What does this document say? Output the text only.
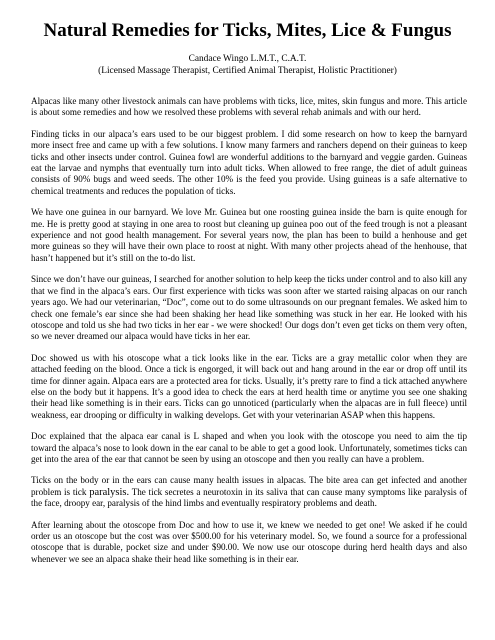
Natural Remedies for Ticks, Mites, Lice & Fungus
Candace Wingo L.M.T., C.A.T.
(Licensed Massage Therapist, Certified Animal Therapist, Holistic Practitioner)

Alpacas like many other livestock animals can have problems with ticks, lice, mites, skin fungus and more. This article is about some remedies and how we resolved these problems with several rehab animals and with our herd.

Finding ticks in our alpaca’s ears used to be our biggest problem. I did some research on how to keep the barnyard more insect free and came up with a few solutions. I know many farmers and ranchers depend on their guineas to keep ticks and other insects under control. Guinea fowl are wonderful additions to the barnyard and veggie garden. Guineas eat the larvae and nymphs that eventually turn into adult ticks. When allowed to free range, the diet of adult guineas consists of 90% bugs and weed seeds. The other 10% is the feed you provide. Using guineas is a safe alternative to chemical treatments and reduces the population of ticks.

We have one guinea in our barnyard. We love Mr. Guinea but one roosting guinea inside the barn is quite enough for me. He is pretty good at staying in one area to roost but cleaning up guinea poo out of the feed trough is not a pleasant experience and not good health management. For several years now, the plan has been to build a henhouse and get more guineas so they will have their own place to roost at night. With many other projects ahead of the henhouse, that hasn’t happened but it’s still on the to-do list.

Since we don’t have our guineas, I searched for another solution to help keep the ticks under control and to also kill any that we find in the alpaca’s ears. Our first experience with ticks was soon after we started raising alpacas on our ranch years ago. We had our veterinarian, “Doc”, come out to do some ultrasounds on our pregnant females. We asked him to check one female’s ear since she had been shaking her head like something was stuck in her ear. He looked with his otoscope and told us she had two ticks in her ear - we were shocked! Our dogs don’t even get ticks on them very often, so we never dreamed our alpaca would have ticks in her ear.

Doc showed us with his otoscope what a tick looks like in the ear. Ticks are a gray metallic color when they are attached feeding on the blood. Once a tick is engorged, it will back out and hang around in the ear or drop off until its time for dinner again. Alpaca ears are a protected area for ticks. Usually, it’s pretty rare to find a tick attached anywhere else on the body but it happens. It’s a good idea to check the ears at herd health time or anytime you see one shaking their head like something is in their ears. Ticks can go unnoticed (particularly when the alpacas are in full fleece) until weakness, ear drooping or difficulty in walking develops. Get with your veterinarian ASAP when this happens.

Doc explained that the alpaca ear canal is L shaped and when you look with the otoscope you need to aim the tip toward the alpaca’s nose to look down in the ear canal to be able to get a good look. Unfortunately, sometimes ticks can get into the area of the ear that cannot be seen by using an otoscope and then you really can have a problem.

Ticks on the body or in the ears can cause many health issues in alpacas. The bite area can get infected and another problem is tick paralysis. The tick secretes a neurotoxin in its saliva that can cause many symptoms like paralysis of the face, droopy ear, paralysis of the hind limbs and eventually respiratory problems and death.

After learning about the otoscope from Doc and how to use it, we knew we needed to get one! We asked if he could order us an otoscope but the cost was over $500.00 for his veterinary model. So, we found a source for a professional otoscope that is durable, pocket size and under $90.00. We now use our otoscope during herd health days and also whenever we see an alpaca shake their head like something is in their ear.
